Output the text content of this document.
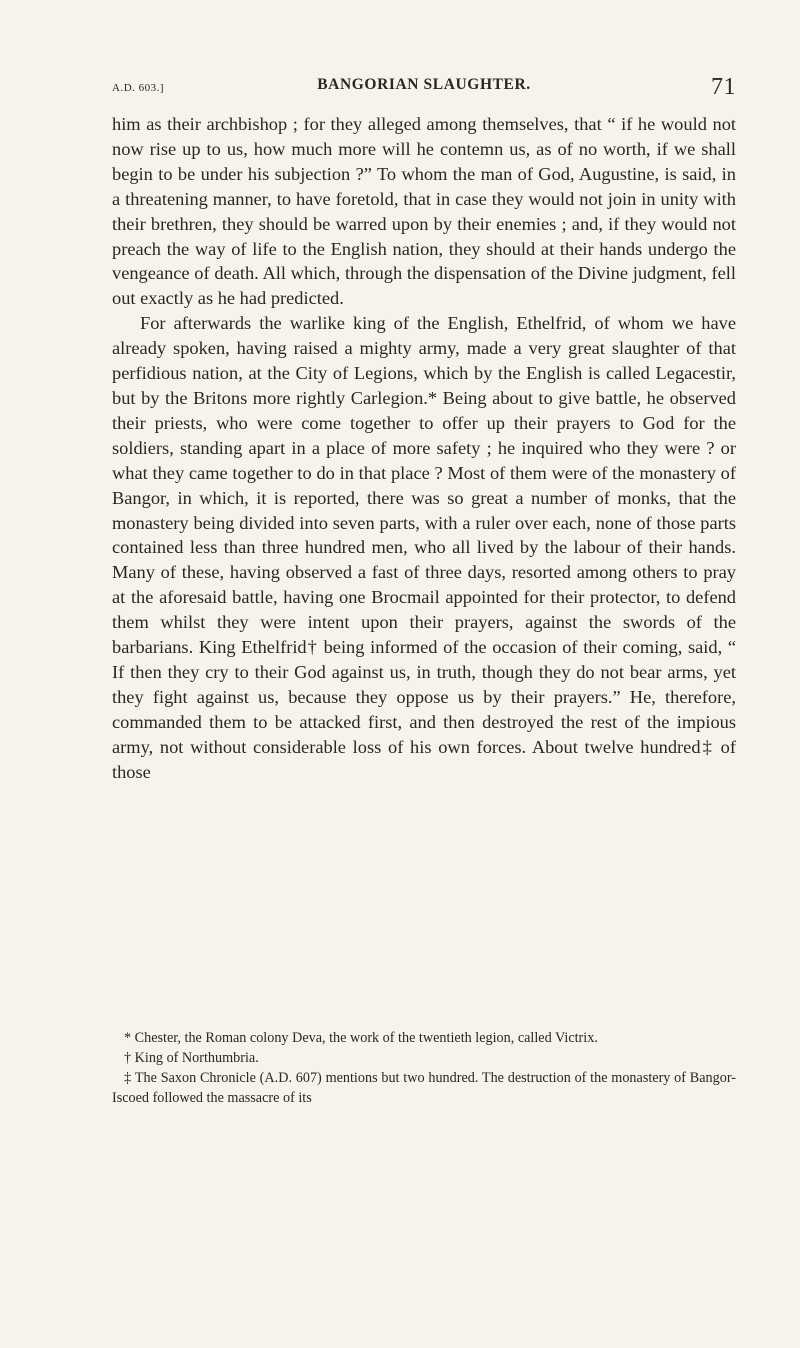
A.D. 603.]	BANGORIAN SLAUGHTER.	71

him as their archbishop ; for they alleged among themselves, that “ if he would not now rise up to us, how much more will he contemn us, as of no worth, if we shall begin to be under his subjection ?” To whom the man of God, Augustine, is said, in a threatening manner, to have foretold, that in case they would not join in unity with their brethren, they should be warred upon by their enemies ; and, if they would not preach the way of life to the English nation, they should at their hands undergo the vengeance of death. All which, through the dispensation of the Divine judgment, fell out exactly as he had predicted.

For afterwards the warlike king of the English, Ethelfrid, of whom we have already spoken, having raised a mighty army, made a very great slaughter of that perfidious nation, at the City of Legions, which by the English is called Legacestir, but by the Britons more rightly Carlegion.* Being about to give battle, he observed their priests, who were come together to offer up their prayers to God for the soldiers, standing apart in a place of more safety ; he inquired who they were ? or what they came together to do in that place ? Most of them were of the monastery of Bangor, in which, it is reported, there was so great a number of monks, that the monastery being divided into seven parts, with a ruler over each, none of those parts contained less than three hundred men, who all lived by the labour of their hands. Many of these, having observed a fast of three days, resorted among others to pray at the aforesaid battle, having one Brocmail appointed for their protector, to defend them whilst they were intent upon their prayers, against the swords of the barbarians. King Ethelfrid† being informed of the occasion of their coming, said, “ If then they cry to their God against us, in truth, though they do not bear arms, yet they fight against us, because they oppose us by their prayers.” He, therefore, commanded them to be attacked first, and then destroyed the rest of the impious army, not without considerable loss of his own forces. About twelve hundred‡ of those

* Chester, the Roman colony Deva, the work of the twentieth legion, called Victrix.

† King of Northumbria.

‡ The Saxon Chronicle (A.D. 607) mentions but two hundred. The destruction of the monastery of Bangor-Iscoed followed the massacre of its
